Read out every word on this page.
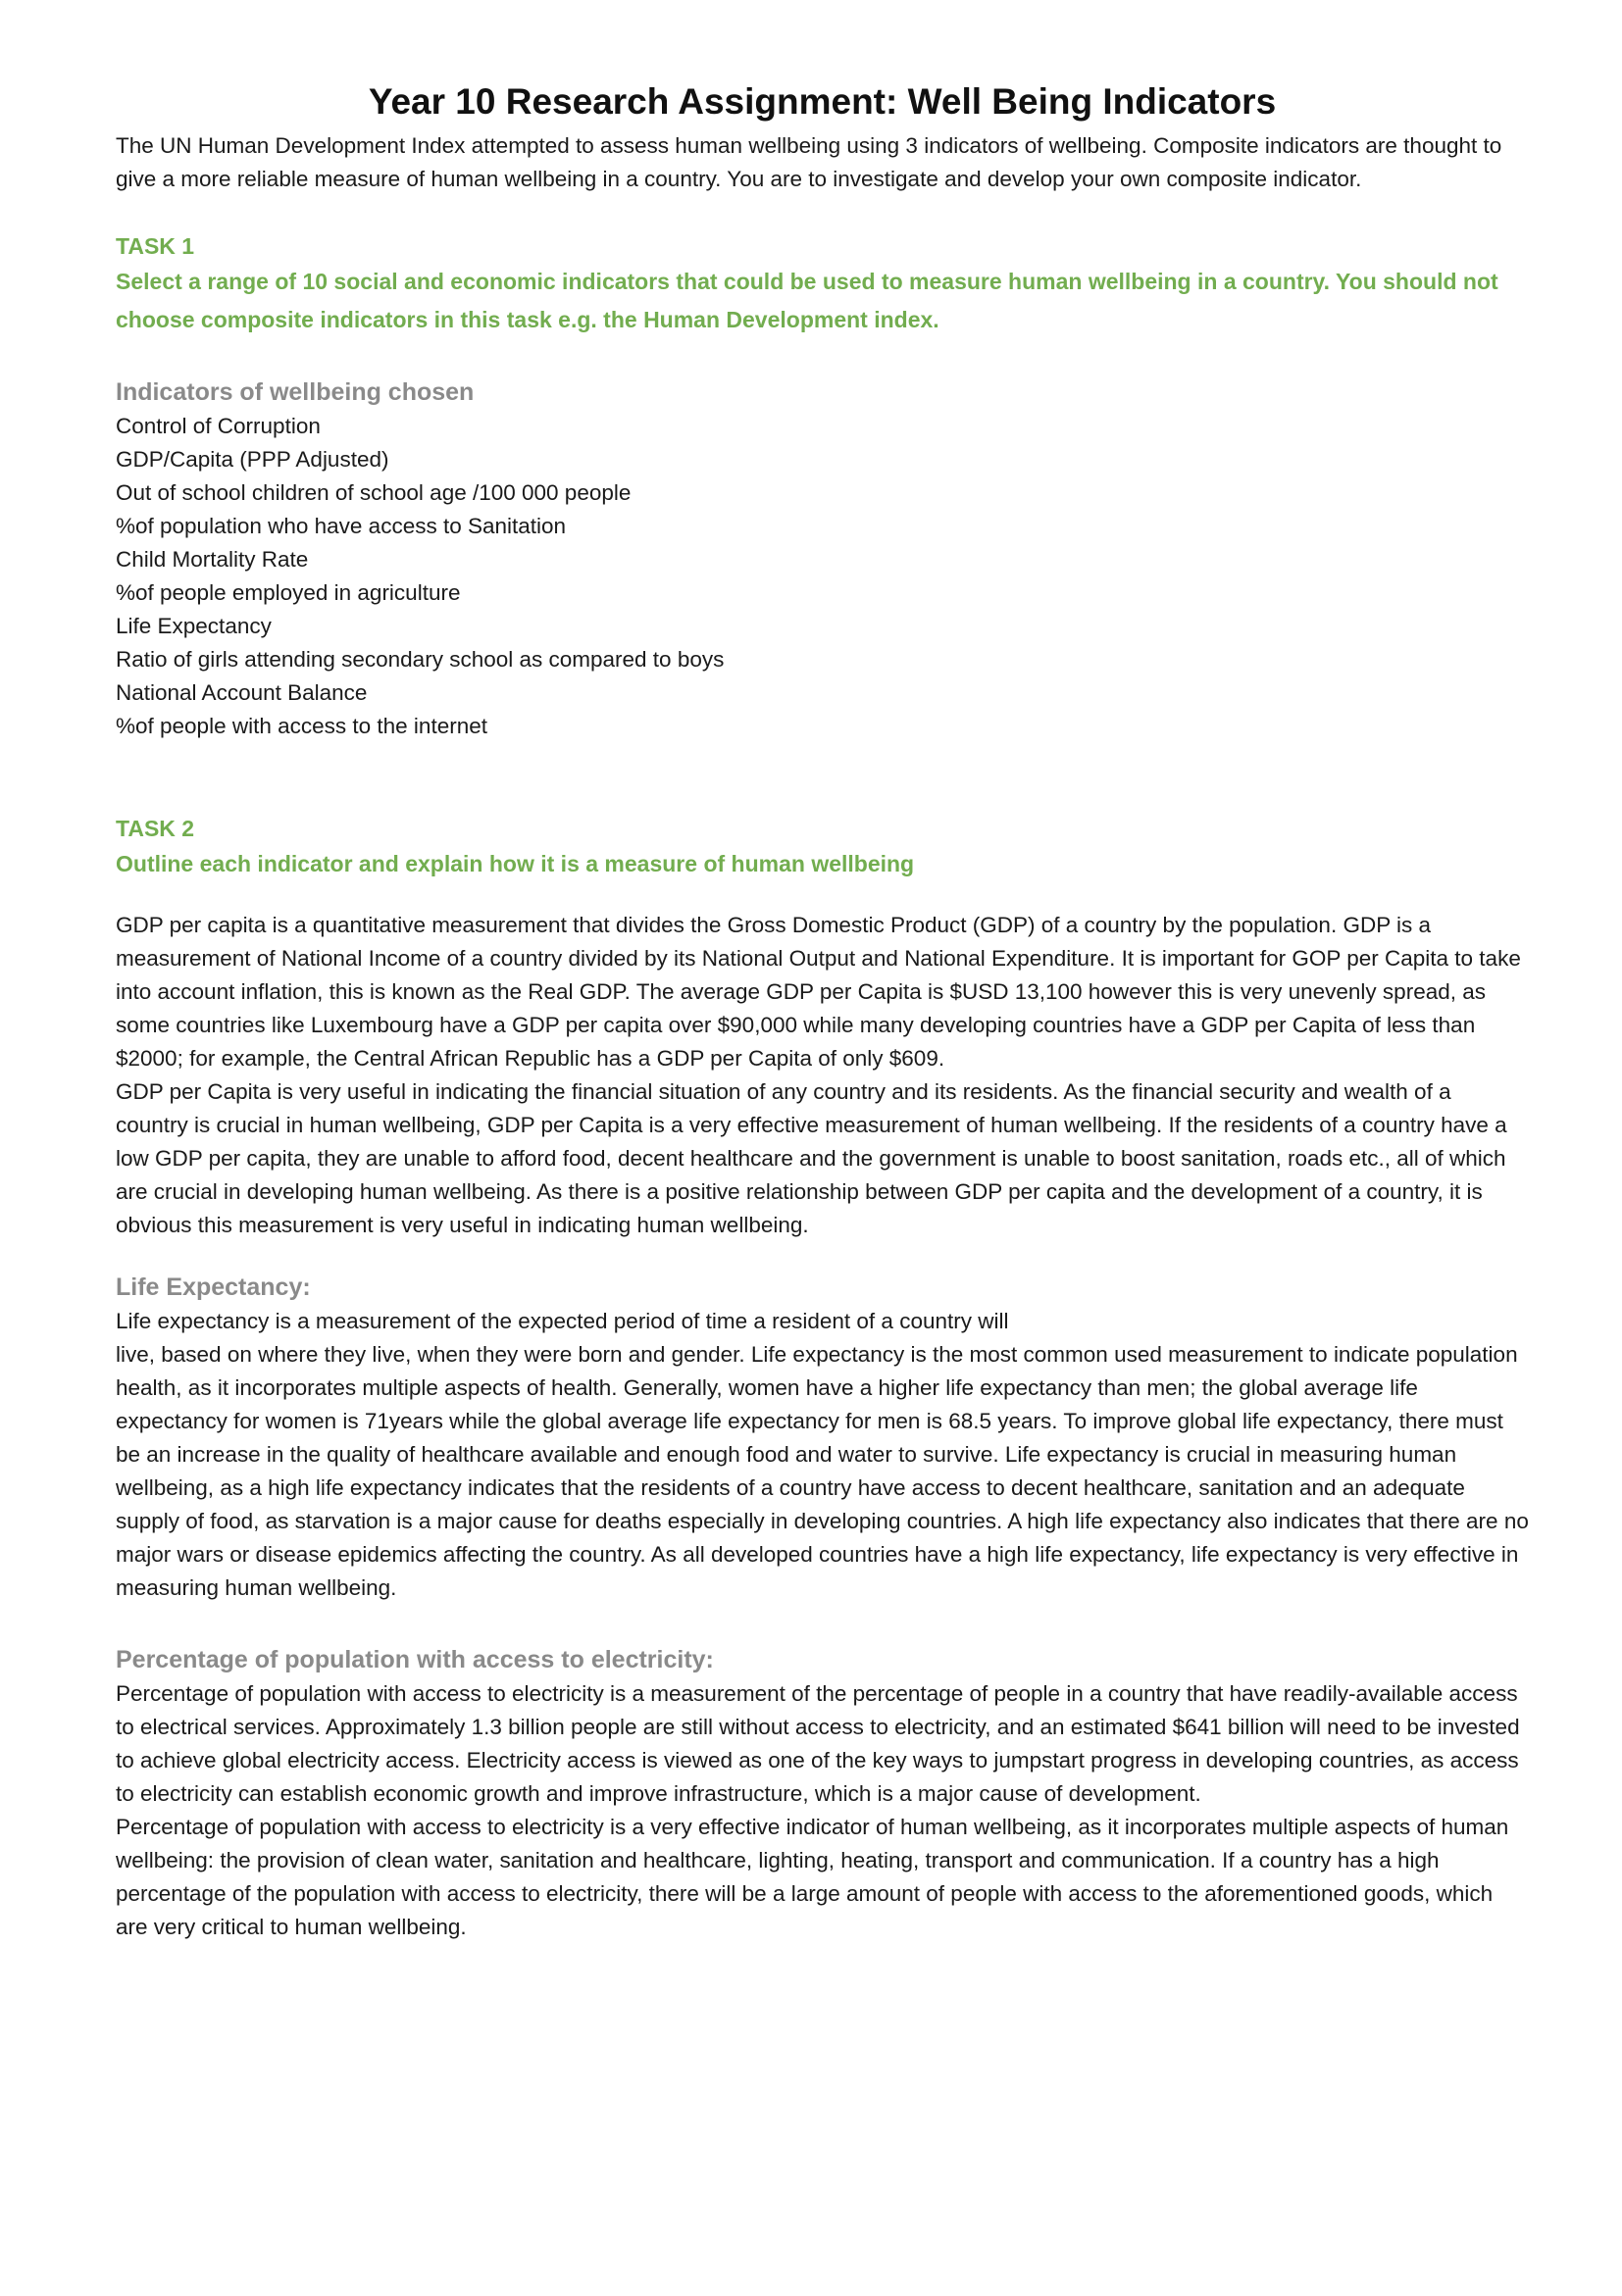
Year 10 Research Assignment: Well Being Indicators

The UN Human Development Index attempted to assess human wellbeing using 3 indicators of wellbeing. Composite indicators are thought to give a more reliable measure of human wellbeing in a country. You are to investigate and develop your own composite indicator.

TASK 1

Select a range of 10 social and economic indicators that could be used to measure human wellbeing in a country. You should not choose composite indicators in this task e.g. the Human Development index.

Indicators of wellbeing chosen

Control of Corruption
GDP/Capita (PPP Adjusted)
Out of school children of school age /100 000 people
%of population who have access to Sanitation
Child Mortality Rate
%of people employed in agriculture
Life Expectancy
Ratio of girls attending secondary school as compared to boys
National Account Balance
%of people with access to the internet

TASK 2

Outline each indicator and explain how it is a measure of human wellbeing

GDP per capita is a quantitative measurement that divides the Gross Domestic Product (GDP) of a country by the population. GDP is a measurement of National Income of a country divided by its National Output and National Expenditure. It is important for GOP per Capita to take into account inflation, this is known as the Real GDP. The average GDP per Capita is $USD 13,100 however this is very unevenly spread, as some countries like Luxembourg have a GDP per capita over $90,000 while many developing countries have a GDP per Capita of less than $2000; for example, the Central African Republic has a GDP per Capita of only $609.

GDP per Capita is very useful in indicating the financial situation of any country and its residents. As the financial security and wealth of a country is crucial in human wellbeing, GDP per Capita is a very effective measurement of human wellbeing. If the residents of a country have a low GDP per capita, they are unable to afford food, decent healthcare and the government is unable to boost sanitation, roads etc., all of which are crucial in developing human wellbeing. As there is a positive relationship between GDP per capita and the development of a country, it is obvious this measurement is very useful in indicating human wellbeing.

Life Expectancy:

Life expectancy is a measurement of the expected period of time a resident of a country will

live, based on where they live, when they were born and gender. Life expectancy is the most common used measurement to indicate population health, as it incorporates multiple aspects of health. Generally, women have a higher life expectancy than men; the global average life expectancy for women is 71years while the global average life expectancy for men is 68.5 years. To improve global life expectancy, there must be an increase in the quality of healthcare available and enough food and water to survive. Life expectancy is crucial in measuring human wellbeing, as a high life expectancy indicates that the residents of a country have access to decent healthcare, sanitation and an adequate supply of food, as starvation is a major cause for deaths especially in developing countries. A high life expectancy also indicates that there are no major wars or disease epidemics affecting the country. As all developed countries have a high life expectancy, life expectancy is very effective in measuring human wellbeing.

Percentage of population with access to electricity:

Percentage of population with access to electricity is a measurement of the percentage of people in a country that have readily-available access to electrical services. Approximately 1.3 billion people are still without access to electricity, and an estimated $641 billion will need to be invested to achieve global electricity access. Electricity access is viewed as one of the key ways to jumpstart progress in developing countries, as access to electricity can establish economic growth and improve infrastructure, which is a major cause of development.

Percentage of population with access to electricity is a very effective indicator of human wellbeing, as it incorporates multiple aspects of human wellbeing: the provision of clean water, sanitation and healthcare, lighting, heating, transport and communication. If a country has a high percentage of the population with access to electricity, there will be a large amount of people with access to the aforementioned goods, which are very critical to human wellbeing.
